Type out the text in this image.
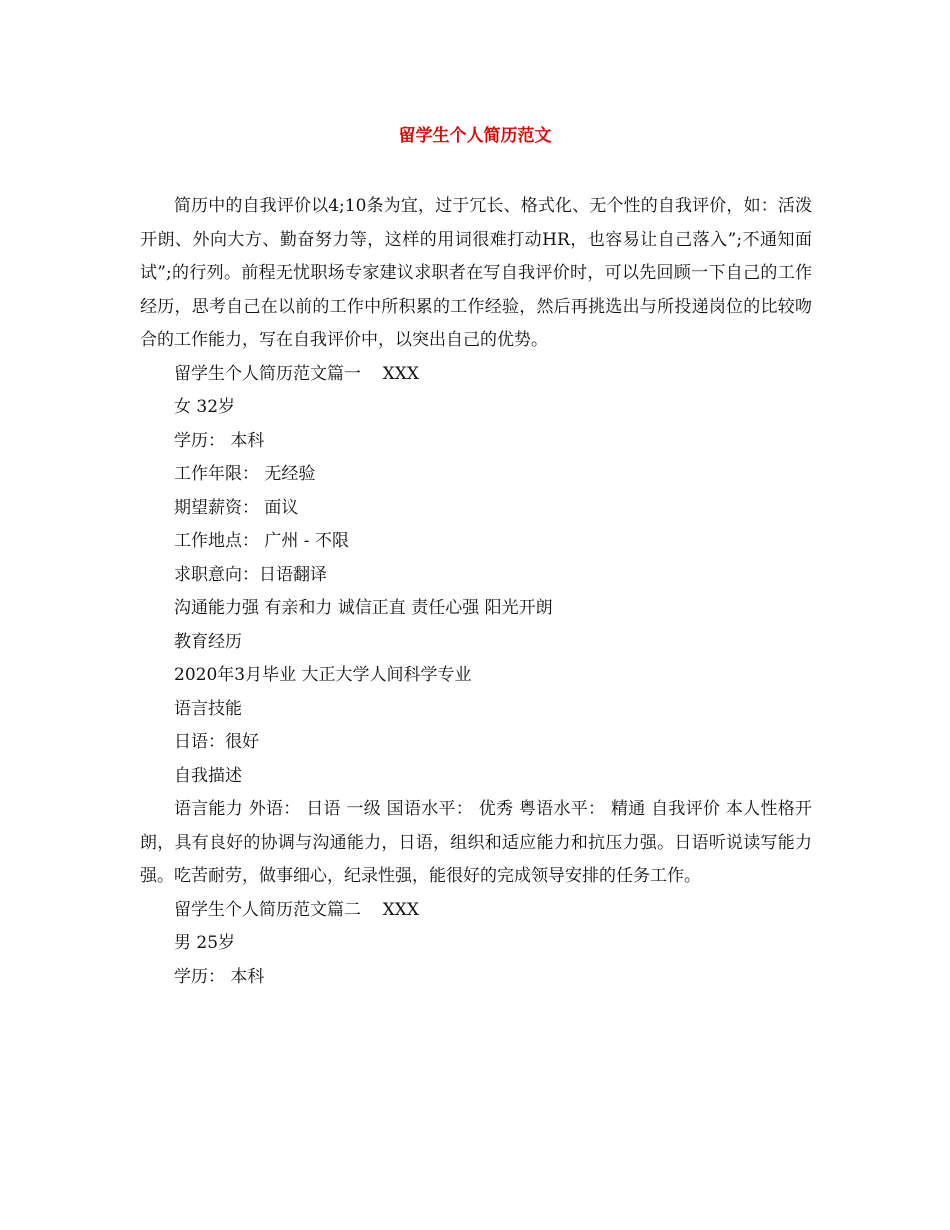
留学生个人简历范文

简历中的自我评价以4;10条为宜，过于冗长、格式化、无个性的自我评价，如：活泼开朗、外向大方、勤奋努力等，这样的用词很难打动HR，也容易让自己落入”;不通知面试”;的行列。前程无忧职场专家建议求职者在写自我评价时，可以先回顾一下自己的工作经历，思考自己在以前的工作中所积累的工作经验，然后再挑选出与所投递岗位的比较吻合的工作能力，写在自我评价中，以突出自己的优势。

留学生个人简历范文篇一    XXX
女 32岁
学历： 本科
工作年限： 无经验
期望薪资： 面议
工作地点： 广州 - 不限
求职意向：日语翻译
沟通能力强 有亲和力 诚信正直 责任心强 阳光开朗
教育经历
2020年3月毕业 大正大学人间科学专业
语言技能
日语：很好
自我描述

语言能力 外语： 日语 一级 国语水平： 优秀 粤语水平： 精通 自我评价 本人性格开朗，具有良好的协调与沟通能力，日语，组织和适应能力和抗压力强。日语听说读写能力强。吃苦耐劳，做事细心，纪录性强，能很好的完成领导安排的任务工作。

留学生个人简历范文篇二    XXX
男 25岁
学历： 本科
